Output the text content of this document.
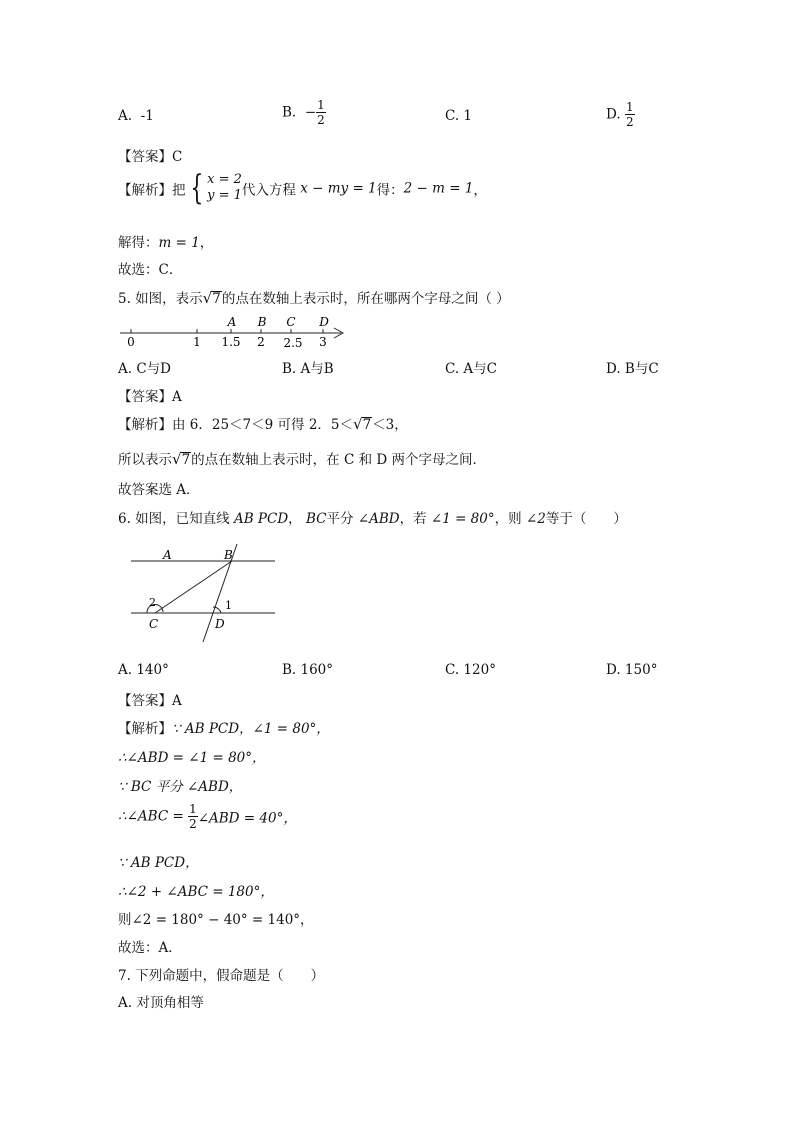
A. -1	B. − $\frac{1}{2}$	C. 1	D. $\frac{1}{2}$
【答案】C
【解析】把 { x = 2
y = 1 代入方程 x − my = 1得：2 − m = 1，
解得：m = 1，
故选：C．
5. 如图，表示√7的点在数轴上表示时，所在哪两个字母之间（ ）
A B C D
0	1 1.5 2 2.5 3
A. C与D	B. A与B	C. A与C	D. B与C
【答案】A
【解析】由 6．25＜7＜9 可得 2．5＜√7＜3，
所以表示√7的点在数轴上表示时，在 C 和 D 两个字母之间．
故答案选 A．
6. 如图，已知直线 AB PCD， BC平分 ∠ABD，若 ∠1 = 80°，则 ∠2等于（　　）
A	B
2	1
C	D
A. 140°	B. 160°	C. 120°	D. 150°
【答案】A
【解析】∵ AB PCD，∠1 = 80°，
∴∠ABD = ∠1 = 80°，
∵ BC 平分 ∠ABD，
∴∠ABC = $\frac{1}{2}$ ∠ABD = 40°，
∵ AB PCD，
∴∠2 + ∠ABC = 180°，
则∠2 = 180° − 40° = 140°，
故选：A．
7. 下列命题中，假命题是（　　）
A. 对顶角相等
